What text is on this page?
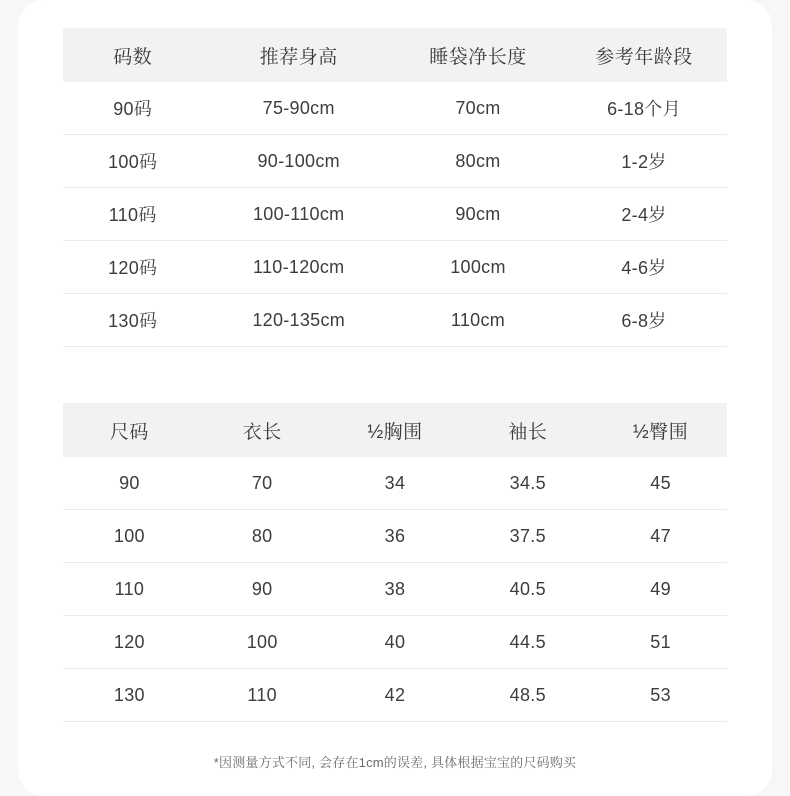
码数	推荐身高	睡袋净长度	参考年龄段
90码	75-90cm	70cm	6-18个月
100码	90-100cm	80cm	1-2岁
110码	100-110cm	90cm	2-4岁
120码	110-120cm	100cm	4-6岁
130码	120-135cm	110cm	6-8岁
尺码	衣长	½胸围	袖长	½臀围
90	70	34	34.5	45
100	80	36	37.5	47
110	90	38	40.5	49
120	100	40	44.5	51
130	110	42	48.5	53
*因测量方式不同, 会存在1cm的误差, 具体根据宝宝的尺码购买
